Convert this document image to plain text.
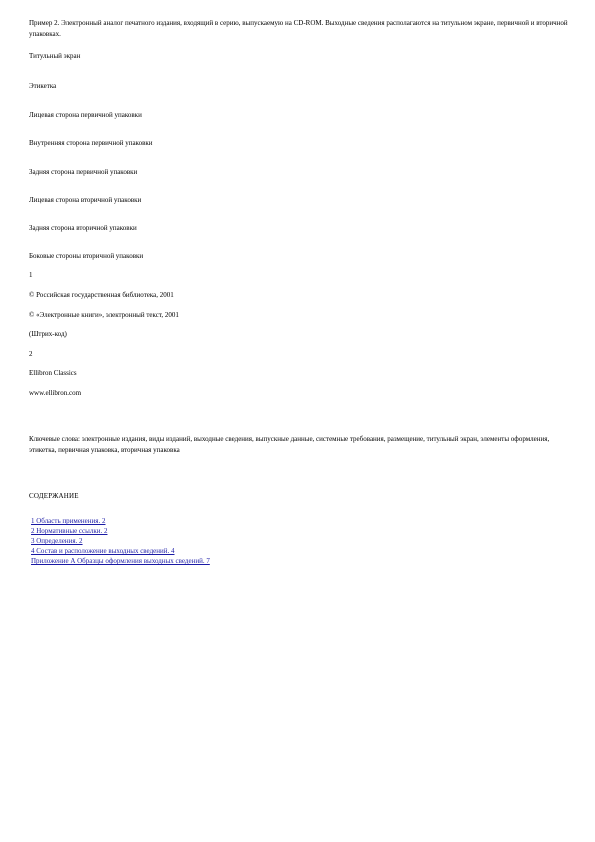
Пример 2. Электронный аналог печатного издания, входящий в серию, выпускаемую на CD-ROM. Выходные сведения располагаются на титульном экране, первичной и вторичной упаковках.
Титульный экран
Этикетка
Лицевая сторона первичной упаковки
Внутренняя сторона первичной упаковки
Задняя сторона первичной упаковки
Лицевая сторона вторичной упаковки
Задняя сторона вторичной упаковки
Боковые стороны вторичной упаковки
1
© Российская государственная библиотека, 2001
© «Электронные книги», электронный текст, 2001
(Штрих-код)
2
Ellibron Classics
www.ellibron.com
Ключевые слова: электронные издания, виды изданий, выходные сведения, выпускные данные, системные требования, размещение, титульный экран, элементы оформления, этикетка, первичная упаковка, вторичная упаковка
СОДЕРЖАНИЕ
1 Область применения. 2
2 Нормативные ссылки. 2
3 Определения. 2
4 Состав и расположение выходных сведений. 4
Приложение А Образцы оформления выходных сведений. 7
